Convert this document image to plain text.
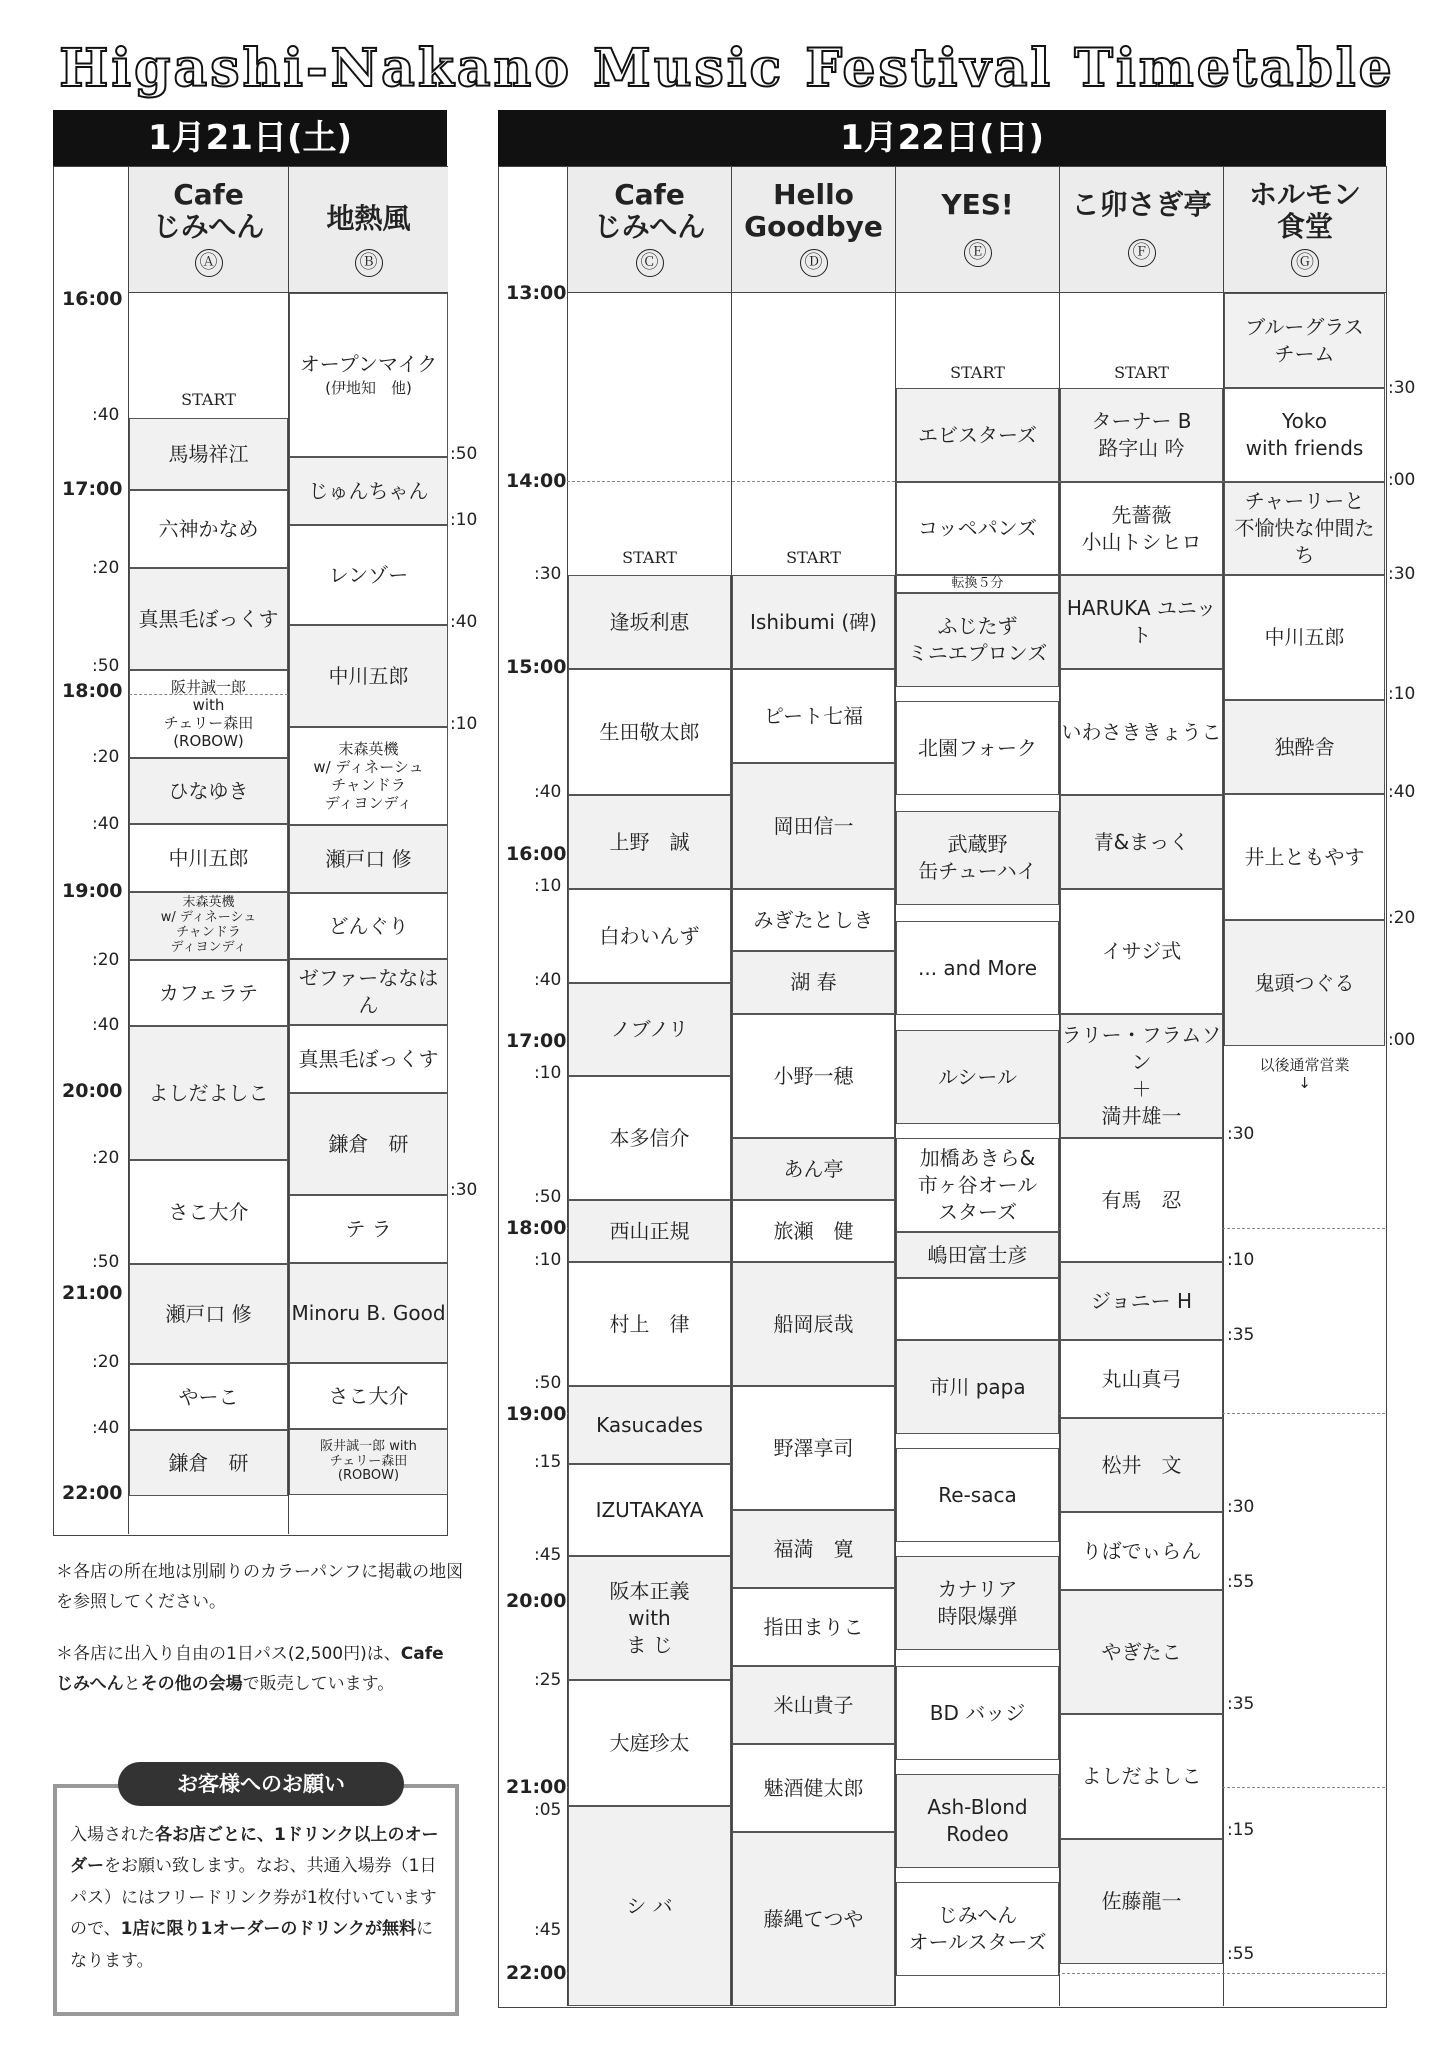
Higashi-Nakano Music Festival Timetable
1月21日(土)
Cafe
じみへん
Ⓐ
地熱風
Ⓑ
16:00
:40
17:00
:20
:50
18:00
:20
:40
19:00
:20
:40
20:00
:20
:50
21:00
:20
:40
22:00
:50
:10
:40
:10
:30
START
馬場祥江
六神かなめ
真黒毛ぼっくす
阪井誠一郎
with
チェリー森田
(ROBOW)
ひなゆき
中川五郎
末森英機
w/ ディネーシュ
チャンドラ
ディヨンディ
カフェラテ
よしだよしこ
さこ大介
瀬戸口 修
やーこ
鎌倉　研
オープンマイク
(伊地知　他)
じゅんちゃん
レンゾー
中川五郎
末森英機
w/ ディネーシュ
チャンドラ
ディヨンディ
瀬戸口 修
どんぐり
ゼファーななはん
真黒毛ぼっくす
鎌倉　研
テ ラ
Minoru B. Good
さこ大介
阪井誠一郎 with
チェリー森田
(ROBOW)
＊各店の所在地は別刷りのカラーパンフに掲載の地図を参照してください。
＊各店に出入り自由の1日パス(2,500円)は、Cafe じみへんとその他の会場で販売しています。
お客様へのお願い
入場された各お店ごとに、1ドリンク以上のオーダーをお願い致します。なお、共通入場券（1日パス）にはフリードリンク券が1枚付いていますので、1店に限り1オーダーのドリンクが無料になります。
1月22日(日)
Cafe
じみへん
Ⓒ
Hello
Goodbye
Ⓓ
YES!
Ⓔ
こ卯さぎ亭
Ⓕ
ホルモン
食堂
Ⓖ
13:00
14:00
:30
15:00
:40
16:00
:10
:40
17:00
:10
:50
18:00
:10
:50
19:00
:15
:45
20:00
:25
21:00
:05
:45
22:00
:30
:10
:35
:30
:55
:35
:15
:55
:30
:00
:30
:10
:40
:20
:00
START
逢坂利恵
生田敬太郎
上野　誠
白わいんず
ノブノリ
本多信介
西山正規
村上　律
Kasucades
IZUTAKAYA
阪本正義
with
ま じ
大庭珍太
シ バ
START
Ishibumi (碑)
ピート七福
岡田信一
みぎたとしき
湖 春
小野一穂
あん亭
旅瀬　健
船岡辰哉
野澤享司
福満　寛
指田まりこ
米山貴子
魅酒健太郎
藤縄てつや
START
エビスターズ
コッペパンズ
転換５分
ふじたず
ミニエプロンズ
北園フォーク
武蔵野
缶チューハイ
... and More
ルシール
加橋あきら&
市ヶ谷オール
スターズ
嶋田富士彦
市川 papa
Re-saca
カナリア
時限爆弾
BD バッジ
Ash-Blond
Rodeo
じみへん
オールスターズ
START
ターナー B
路字山 吟
先薔薇
小山トシヒロ
HARUKA ユニット
いわさききょうこ
青&まっく
イサジ式
ラリー・フラムソン
＋
満井雄一
有馬　忍
ジョニー H
丸山真弓
松井　文
りばでぃらん
やぎたこ
よしだよしこ
佐藤龍一
ブルーグラス
チーム
Yoko
with friends
チャーリーと
不愉快な仲間たち
中川五郎
独酔舎
井上ともやす
鬼頭つぐる
以後通常営業
↓
